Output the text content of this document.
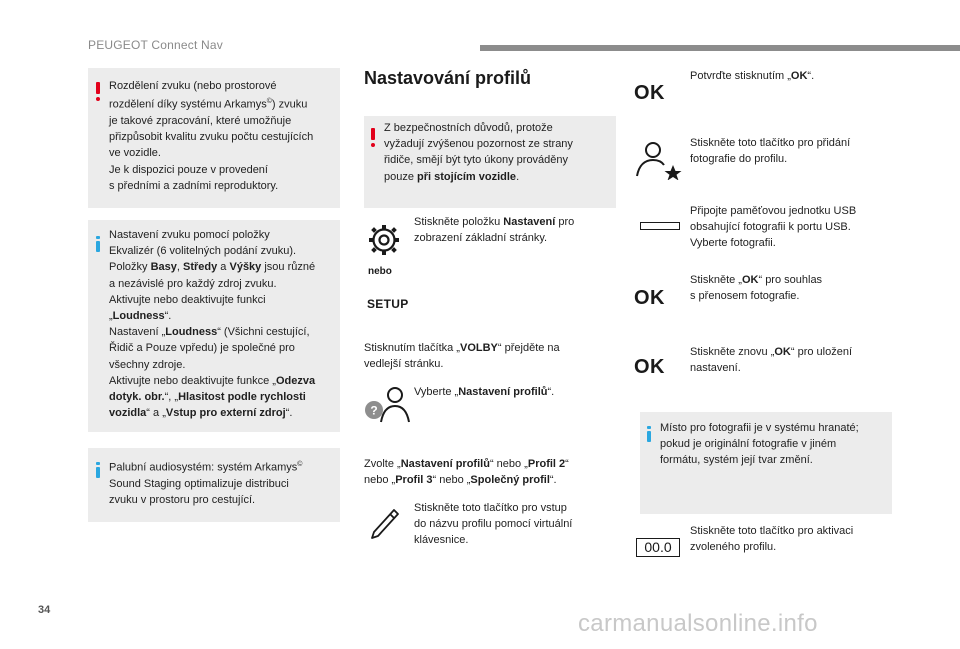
PEUGEOT Connect Nav
Rozdělení zvuku (nebo prostorové
rozdělení díky systému Arkamys©) zvuku
je takové zpracování, které umožňuje
přizpůsobit kvalitu zvuku počtu cestujících
ve vozidle.
Je k dispozici pouze v provedení
s předními a zadními reproduktory.
Nastavení zvuku pomocí položky
Ekvalizér (6 volitelných podání zvuku).
Položky Basy, Středy a Výšky jsou různé
a nezávislé pro každý zdroj zvuku.
Aktivujte nebo deaktivujte funkci
„Loudness“.
Nastavení „Loudness“ (Všichni cestující,
Řidič a Pouze vpředu) je společné pro
všechny zdroje.
Aktivujte nebo deaktivujte funkce „Odezva
dotyk. obr.“, „Hlasitost podle rychlosti
vozidla“ a „Vstup pro externí zdroj“.
Palubní audiosystém: systém Arkamys©
Sound Staging optimalizuje distribuci
zvuku v prostoru pro cestující.
Nastavování profilů
Z bezpečnostních důvodů, protože
vyžadují zvýšenou pozornost ze strany
řidiče, smějí být tyto úkony prováděny
pouze při stojícím vozidle.
Stiskněte položku Nastavení pro
zobrazení základní stránky.
nebo
SETUP
Stisknutím tlačítka „VOLBY“ přejděte na
vedlejší stránku.
?
Vyberte „Nastavení profilů“.
Zvolte „Nastavení profilů“ nebo „Profil 2“
nebo „Profil 3“ nebo „Společný profil“.
Stiskněte toto tlačítko pro vstup
do názvu profilu pomocí virtuální
klávesnice.
OK
Potvrďte stisknutím „OK“.
Stiskněte toto tlačítko pro přidání
fotografie do profilu.
Připojte paměťovou jednotku USB
obsahující fotografii k portu USB.
Vyberte fotografii.
OK
Stiskněte „OK“ pro souhlas
s přenosem fotografie.
OK
Stiskněte znovu „OK“ pro uložení
nastavení.
Místo pro fotografii je v systému hranaté;
pokud je originální fotografie v jiném
formátu, systém její tvar změní.
00.0
Stiskněte toto tlačítko pro aktivaci
zvoleného profilu.
34	carmanualsonline.info
